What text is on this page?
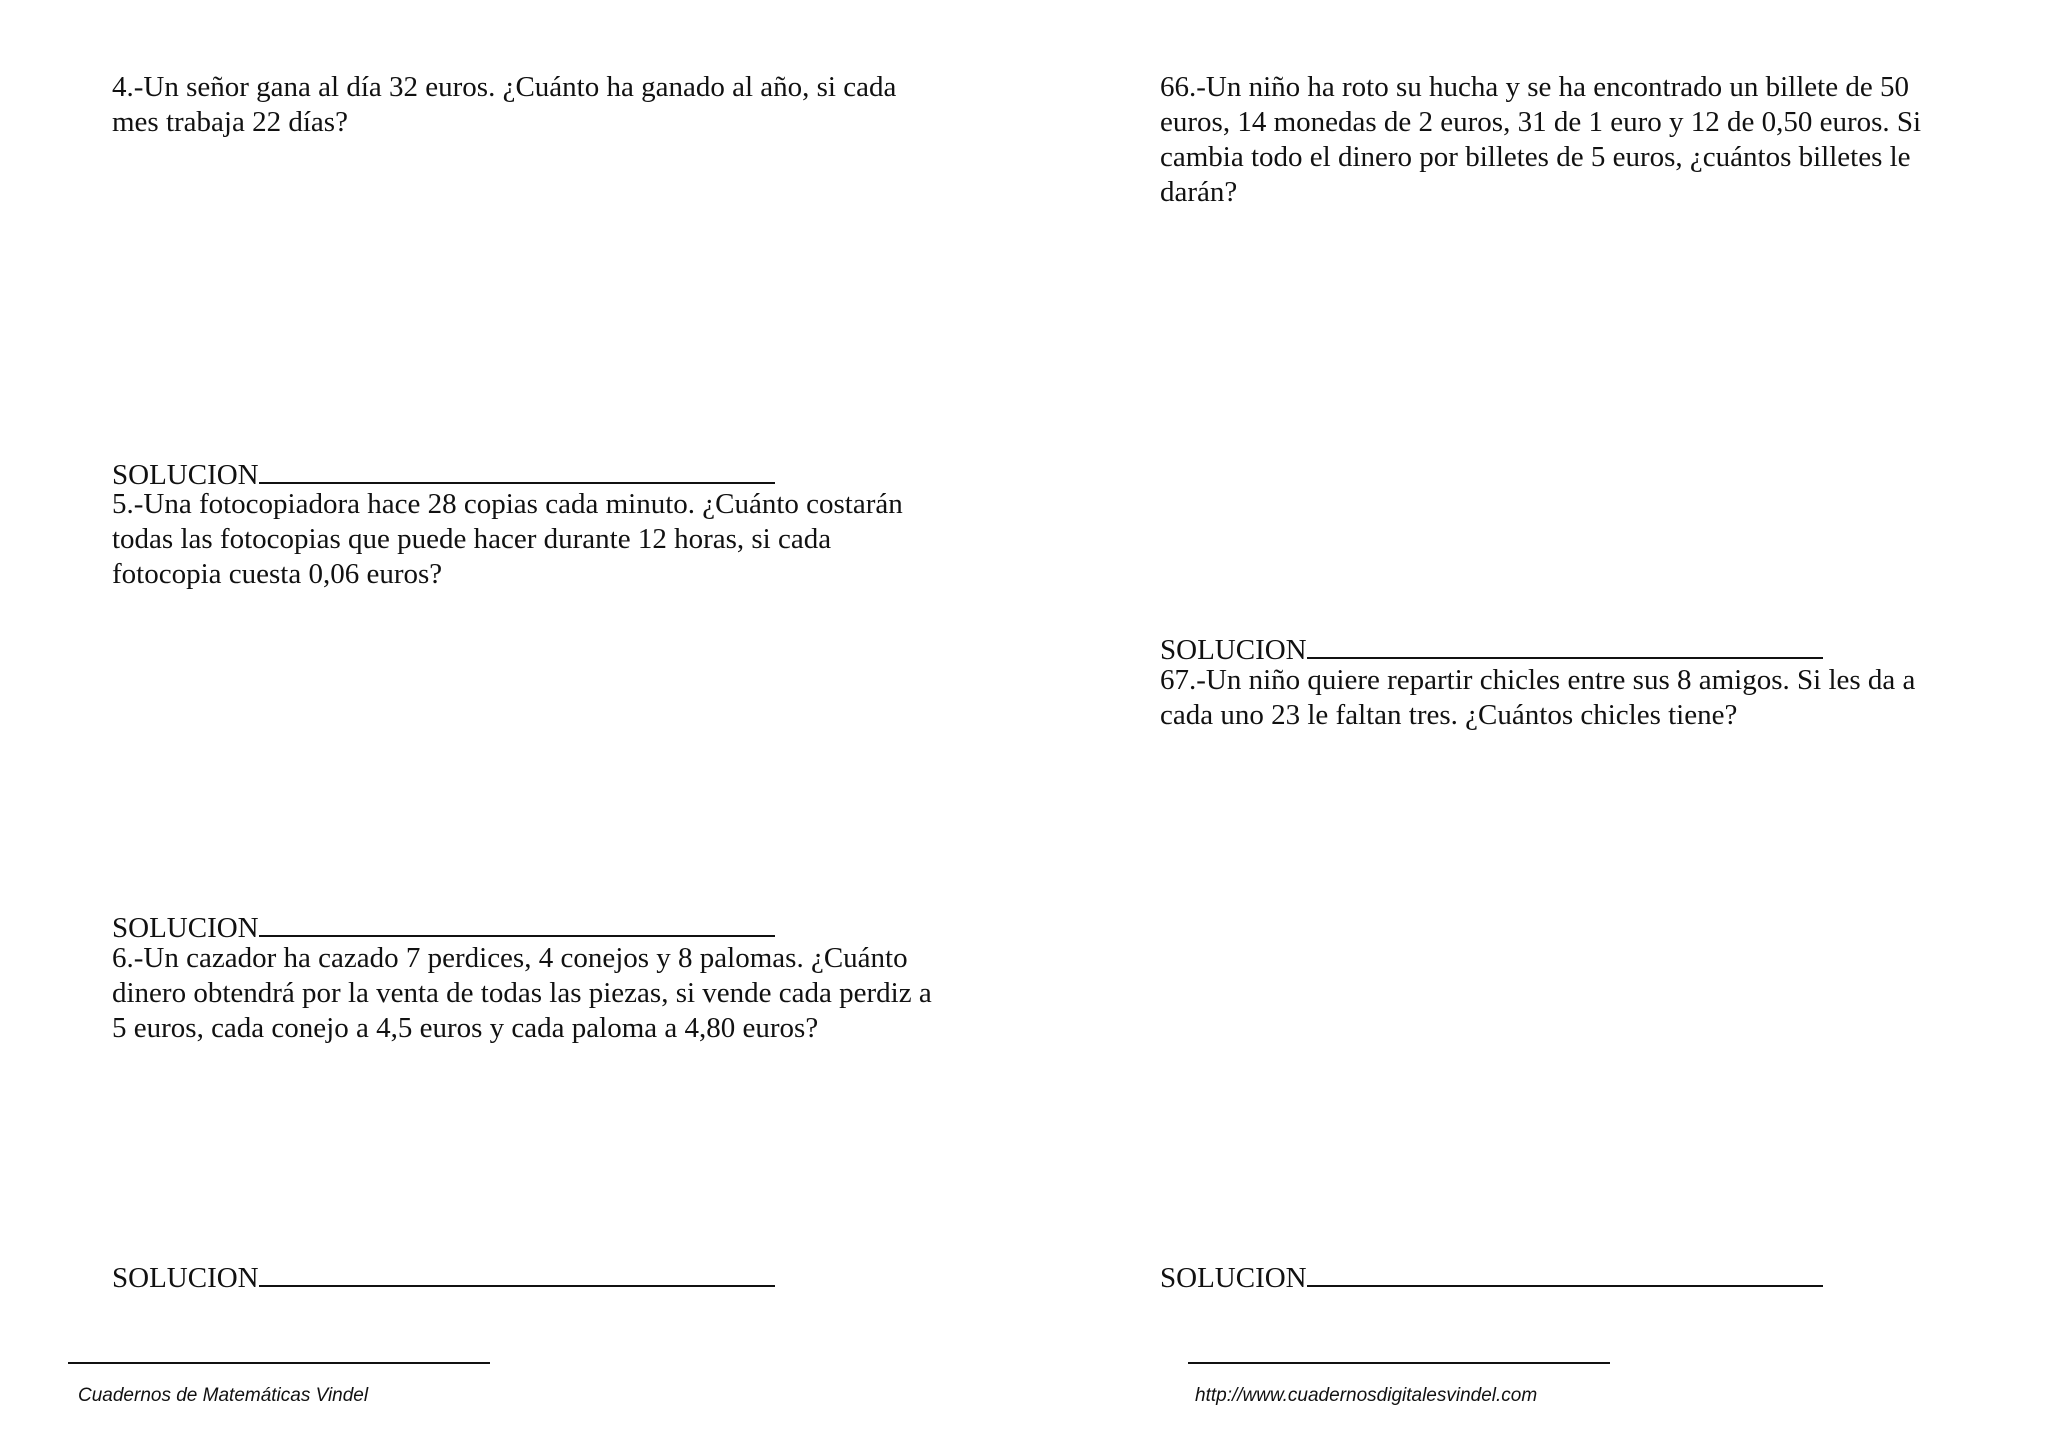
4.-Un señor gana al día 32 euros. ¿Cuánto ha ganado al año, si cada mes trabaja 22 días?

SOLUCION

5.-Una fotocopiadora hace 28 copias cada minuto. ¿Cuánto costarán todas las fotocopias que puede hacer durante 12 horas, si cada fotocopia cuesta 0,06 euros?

SOLUCION

6.-Un cazador ha cazado 7 perdices, 4 conejos y 8 palomas. ¿Cuánto dinero obtendrá por la venta de todas las piezas, si vende cada perdiz a 5 euros, cada conejo a 4,5 euros y cada paloma a 4,80 euros?

SOLUCION

66.-Un niño ha roto su hucha y se ha encontrado un billete de 50 euros, 14 monedas de 2 euros, 31 de 1 euro y 12 de 0,50 euros. Si cambia todo el dinero por billetes de 5 euros, ¿cuántos billetes le darán?

SOLUCION

67.-Un niño quiere repartir chicles entre sus 8 amigos. Si les da a cada uno 23 le faltan tres. ¿Cuántos chicles tiene?

SOLUCION
Cuadernos de Matemáticas Vindel	http://www.cuadernosdigitalesvindel.com
